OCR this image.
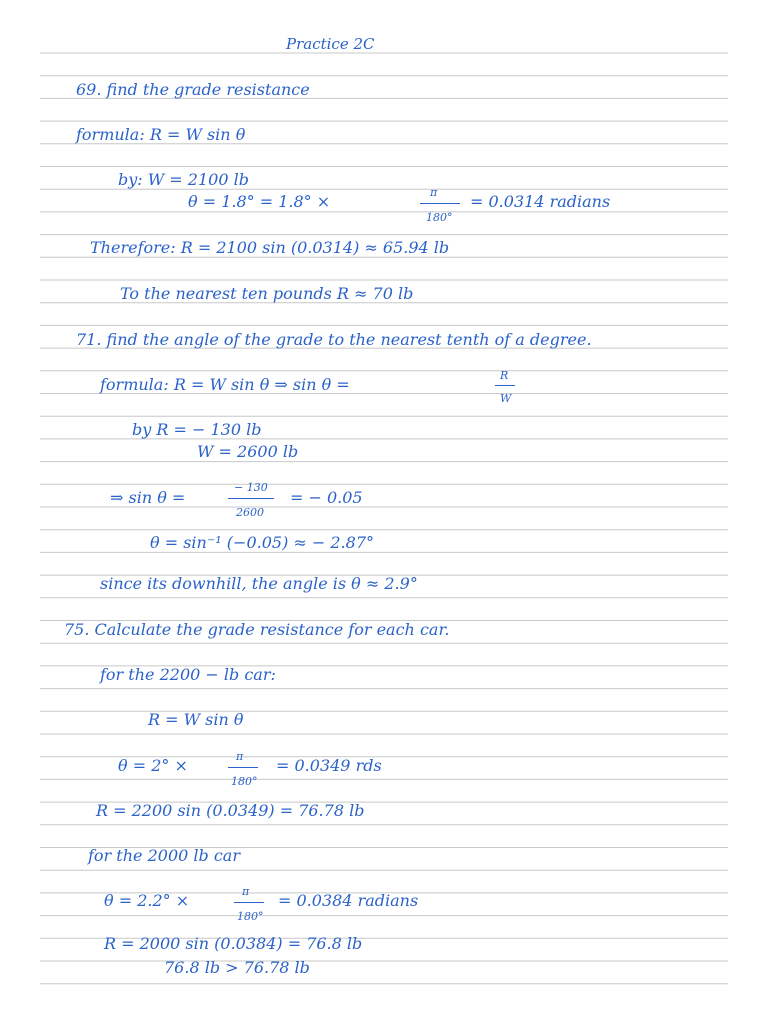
Practice 2C
69. find the grade resistance
formula: R = W sin θ
by: W = 2100 lb
θ = 1.8° = 1.8° ×	π
180°
= 0.0314 radians
Therefore: R = 2100 sin (0.0314) ≈ 65.94 lb
To the nearest ten pounds R ≈ 70 lb
71. find the angle of the grade to the nearest tenth of a degree.
formula: R = W sin θ ⇒ sin θ =	R
W
by R = − 130 lb
W = 2600 lb
⇒ sin θ =
− 130
2600
= − 0.05
θ = sin⁻¹ (−0.05) ≈ − 2.87°
since its downhill, the angle is θ ≈ 2.9°
75. Calculate the grade resistance for each car.
for the 2200 − lb car:
R = W sin θ
θ = 2° ×	π
180°
= 0.0349 rds
R = 2200 sin (0.0349) = 76.78 lb
for the 2000 lb car
θ = 2.2° ×	π
180°
= 0.0384 radians
R = 2000 sin (0.0384) = 76.8 lb
76.8 lb > 76.78 lb
